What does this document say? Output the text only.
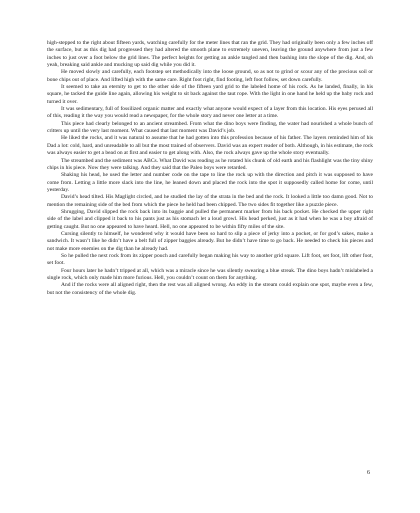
high-stepped to the right about fifteen yards, watching carefully for the meter lines that ran the grid. They had originally been only a few inches off the surface, but as this dig had progressed they had altered the smooth plane to extremely uneven, leaving the ground anywhere from just a few inches to just over a foot below the grid lines. The perfect heights for getting an ankle tangled and then bashing into the slope of the dig. And, oh yeah, breaking said ankle and mucking up said dig while you did it.

He moved slowly and carefully, each footstep set methodically into the loose ground, so as not to grind or scour any of the precious soil or bone chips out of place. And lifted high with the same care. Right foot right, find footing, left foot follow, set down carefully.

It seemed to take an eternity to get to the other side of the fifteen yard grid to the labeled home of his rock. As he landed, finally, in his square, he tacked the guide line again, allowing his weight to sit back against the taut rope. With the light in one hand he held up the baby rock and turned it over.

It was sedimentary, full of fossilized organic matter and exactly what anyone would expect of a layer from this location. His eyes perused all of this, reading it the way you would read a newspaper, for the whole story and never one letter at a time.

This piece had clearly belonged to an ancient streambed. From what the dino boys were finding, the water had nourished a whole bunch of critters up until the very last moment. What caused that last moment was David’s job.

He liked the rocks, and it was natural to assume that he had gotten into this profession because of his father. The layers reminded him of his Dad a lot: cold, hard, and unreadable to all but the most trained of observers. David was an expert reader of both. Although, in his estimate, the rock was always easier to get a bead on at first and easier to get along with. Also, the rock always gave up the whole story eventually.

The streambed and the sediment was ABCs. What David was reading as he rotated his chunk of old earth and his flashlight was the tiny shiny chips in his piece. Now they were talking. And they said that the Paleo boys were retarded.

Shaking his head, he used the letter and number code on the tape to line the rock up with the direction and pitch it was supposed to have come from. Letting a little more slack into the line, he leaned down and placed the rock into the spot it supposedly called home for come, until yesterday.

David’s head tilted. His Maglight circled, and he studied the lay of the strata in the bed and the rock. It looked a little too damn good. Not to mention the remaining side of the bed from which the piece he held had been chipped. The two sides fit together like a puzzle piece.

Shrugging, David slipped the rock back into its baggie and pulled the permanent marker from his back pocket. He checked the upper right side of the label and clipped it back to his pants just as his stomach let a loud growl. His head perked, just as it had when he was a boy afraid of getting caught. But no one appeared to have heard. Hell, no one appeared to be within fifty miles of the site.

Cursing silently to himself, he wondered why it would have been so hard to slip a piece of jerky into a pocket, or for god’s sakes, make a sandwich. It wasn’t like he didn’t have a belt full of zipper baggies already. But he didn’t have time to go back. He needed to check his pieces and not make more enemies on the dig than he already had.

So he pulled the next rock from its zipper pouch and carefully began making his way to another grid square. Lift foot, set foot, lift other foot, set foot.

Four hours later he hadn’t tripped at all, which was a miracle since he was silently swearing a blue streak. The dino boys hadn’t mislabeled a single rock, which only made him more furious. Hell, you couldn’t count on them for anything.

And if the rocks were all aligned right, then the rest was all aligned wrong. An eddy in the stream could explain one spot, maybe even a few, but not the consistency of the whole dig.

6
